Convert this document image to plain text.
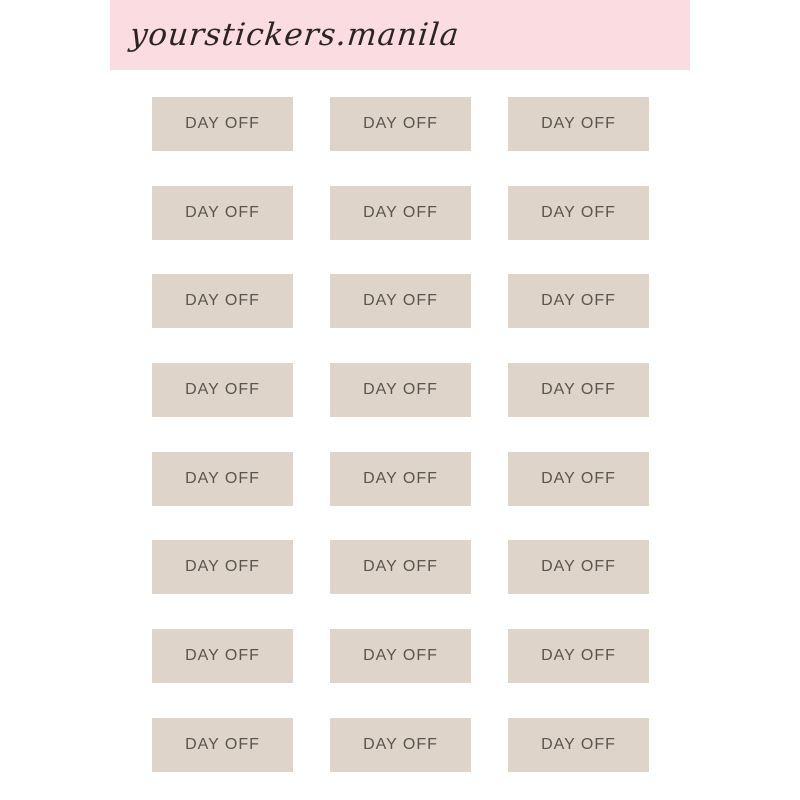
yourstickers.manila
DAY OFF	DAY OFF	DAY OFF
DAY OFF	DAY OFF	DAY OFF
DAY OFF	DAY OFF	DAY OFF
DAY OFF	DAY OFF	DAY OFF
DAY OFF	DAY OFF	DAY OFF
DAY OFF	DAY OFF	DAY OFF
DAY OFF	DAY OFF	DAY OFF
DAY OFF	DAY OFF	DAY OFF
